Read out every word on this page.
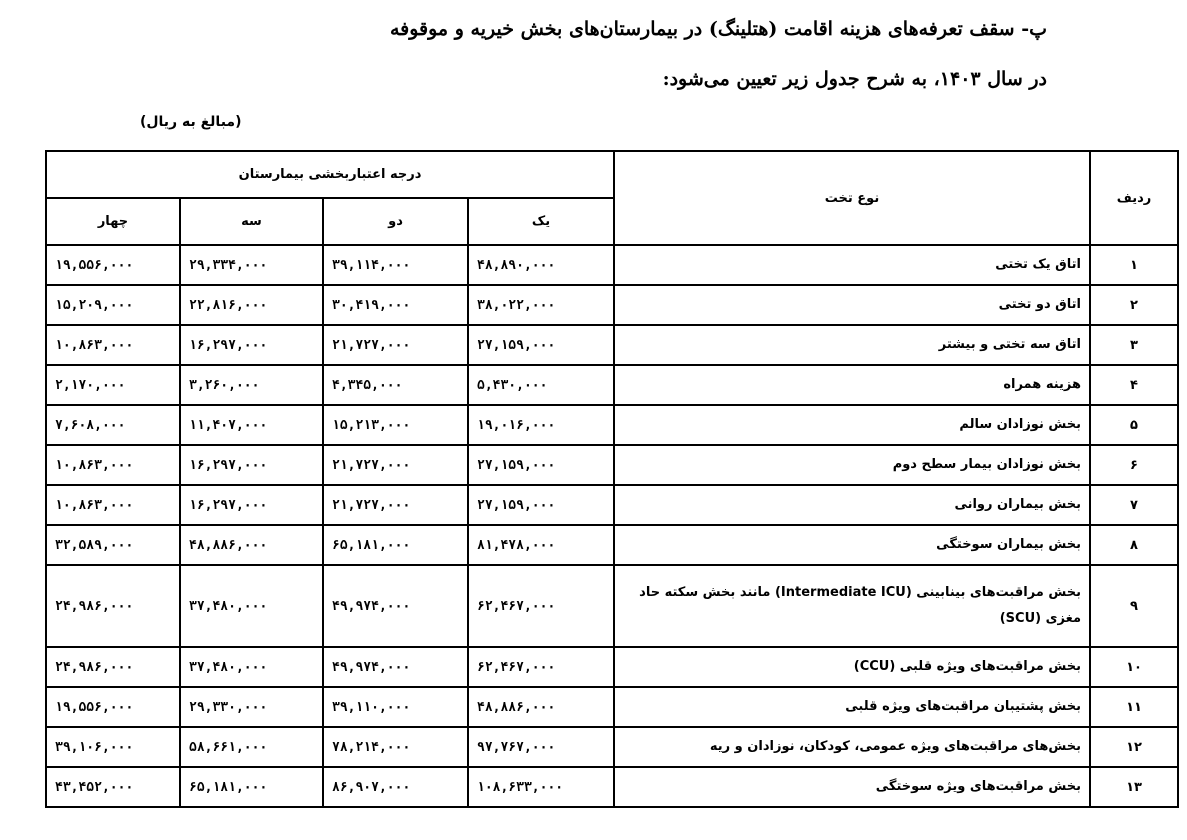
پ- سقف تعرفه‌های هزینه اقامت (هتلینگ) در بیمارستان‌های بخش خیریه و موقوفه
در سال ۱۴۰۳، به شرح جدول زیر تعیین می‌شود:
(مبالغ به ریال)
ردیف	نوع تخت	درجه اعتباربخشی بیمارستان			
		یک	دو	سه	چهار
۱	اتاق یک تختی	۴۸,۸۹۰,۰۰۰	۳۹,۱۱۴,۰۰۰	۲۹,۳۳۴,۰۰۰	۱۹,۵۵۶,۰۰۰
۲	اتاق دو تختی	۳۸,۰۲۲,۰۰۰	۳۰,۴۱۹,۰۰۰	۲۲,۸۱۶,۰۰۰	۱۵,۲۰۹,۰۰۰
۳	اتاق سه تختی و بیشتر	۲۷,۱۵۹,۰۰۰	۲۱,۷۲۷,۰۰۰	۱۶,۲۹۷,۰۰۰	۱۰,۸۶۳,۰۰۰
۴	هزینه همراه	۵,۴۳۰,۰۰۰	۴,۳۴۵,۰۰۰	۳,۲۶۰,۰۰۰	۲,۱۷۰,۰۰۰
۵	بخش نوزادان سالم	۱۹,۰۱۶,۰۰۰	۱۵,۲۱۳,۰۰۰	۱۱,۴۰۷,۰۰۰	۷,۶۰۸,۰۰۰
۶	بخش نوزادان بیمار سطح دوم	۲۷,۱۵۹,۰۰۰	۲۱,۷۲۷,۰۰۰	۱۶,۲۹۷,۰۰۰	۱۰,۸۶۳,۰۰۰
۷	بخش بیماران روانی	۲۷,۱۵۹,۰۰۰	۲۱,۷۲۷,۰۰۰	۱۶,۲۹۷,۰۰۰	۱۰,۸۶۳,۰۰۰
۸	بخش بیماران سوختگی	۸۱,۴۷۸,۰۰۰	۶۵,۱۸۱,۰۰۰	۴۸,۸۸۶,۰۰۰	۳۲,۵۸۹,۰۰۰
۹	بخش مراقبت‌های بینابینی (Intermediate ICU) مانند بخش سکته حاد مغزی (SCU)	۶۲,۴۶۷,۰۰۰	۴۹,۹۷۴,۰۰۰	۳۷,۴۸۰,۰۰۰	۲۴,۹۸۶,۰۰۰
۱۰	بخش مراقبت‌های ویژه قلبی (CCU)	۶۲,۴۶۷,۰۰۰	۴۹,۹۷۴,۰۰۰	۳۷,۴۸۰,۰۰۰	۲۴,۹۸۶,۰۰۰
۱۱	بخش پشتیبان مراقبت‌های ویژه قلبی	۴۸,۸۸۶,۰۰۰	۳۹,۱۱۰,۰۰۰	۲۹,۳۳۰,۰۰۰	۱۹,۵۵۶,۰۰۰
۱۲	بخش‌های مراقبت‌های ویژه عمومی، کودکان، نوزادان و ریه	۹۷,۷۶۷,۰۰۰	۷۸,۲۱۴,۰۰۰	۵۸,۶۶۱,۰۰۰	۳۹,۱۰۶,۰۰۰
۱۳	بخش مراقبت‌های ویژه سوختگی	۱۰۸,۶۳۳,۰۰۰	۸۶,۹۰۷,۰۰۰	۶۵,۱۸۱,۰۰۰	۴۳,۴۵۲,۰۰۰
